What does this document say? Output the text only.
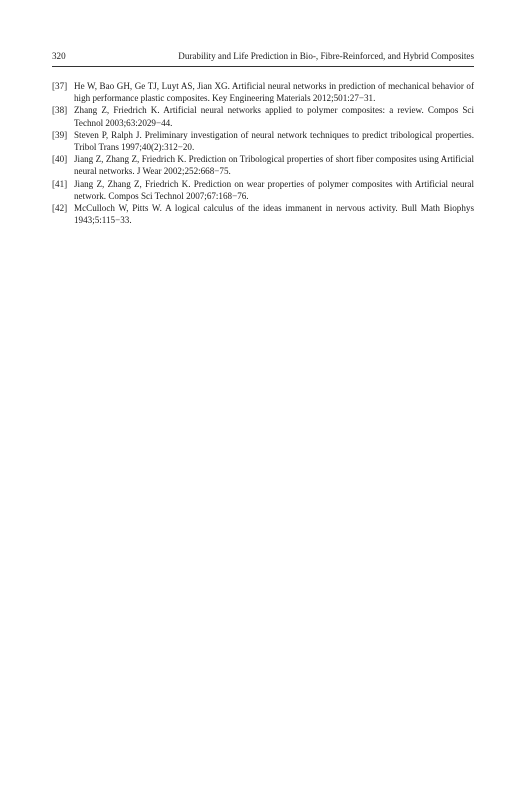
320	Durability and Life Prediction in Bio-, Fibre-Reinforced, and Hybrid Composites
[37] He W, Bao GH, Ge TJ, Luyt AS, Jian XG. Artificial neural networks in prediction of mechanical behavior of high performance plastic composites. Key Engineering Materials 2012;501:27−31.
[38] Zhang Z, Friedrich K. Artificial neural networks applied to polymer composites: a review. Compos Sci Technol 2003;63:2029−44.
[39] Steven P, Ralph J. Preliminary investigation of neural network techniques to predict tribological properties. Tribol Trans 1997;40(2):312−20.
[40] Jiang Z, Zhang Z, Friedrich K. Prediction on Tribological properties of short fiber composites using Artificial neural networks. J Wear 2002;252:668−75.
[41] Jiang Z, Zhang Z, Friedrich K. Prediction on wear properties of polymer composites with Artificial neural network. Compos Sci Technol 2007;67:168−76.
[42] McCulloch W, Pitts W. A logical calculus of the ideas immanent in nervous activity. Bull Math Biophys 1943;5:115−33.
